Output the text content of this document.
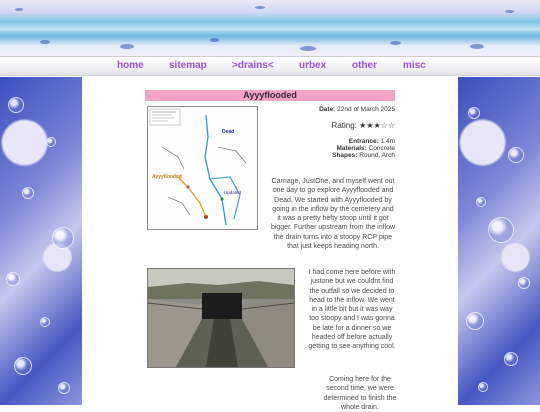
home	sitemap	>drains<	urbex	other	misc
Ayyyflooded
Dead
Ayyyflooded
Updated
Date: 22nd of March 2025
Rating: ★★★☆☆
Entrance: 1.4m
Materials: Concrete
Shapes: Round, Arch
Carnage, JustOne, and myself went out one day to go explore Ayyyflooded and Dead. We started with Ayyyflooded by going in the inflow by the cemetery and it was a pretty hefty stoop until it got bigger. Further upstream from the inflow the drain turns into a stoopy RCP pipe that just keeps heading north.
I had come here before with justone but we couldnt find the outfall so we decided to head to the inflow. We went in a little bit but it was way too stoopy and I was gonna be late for a dinner so we headed off before actually getting to see anything cool.
Coming here for the second time, we were determined to finish the whole drain.
